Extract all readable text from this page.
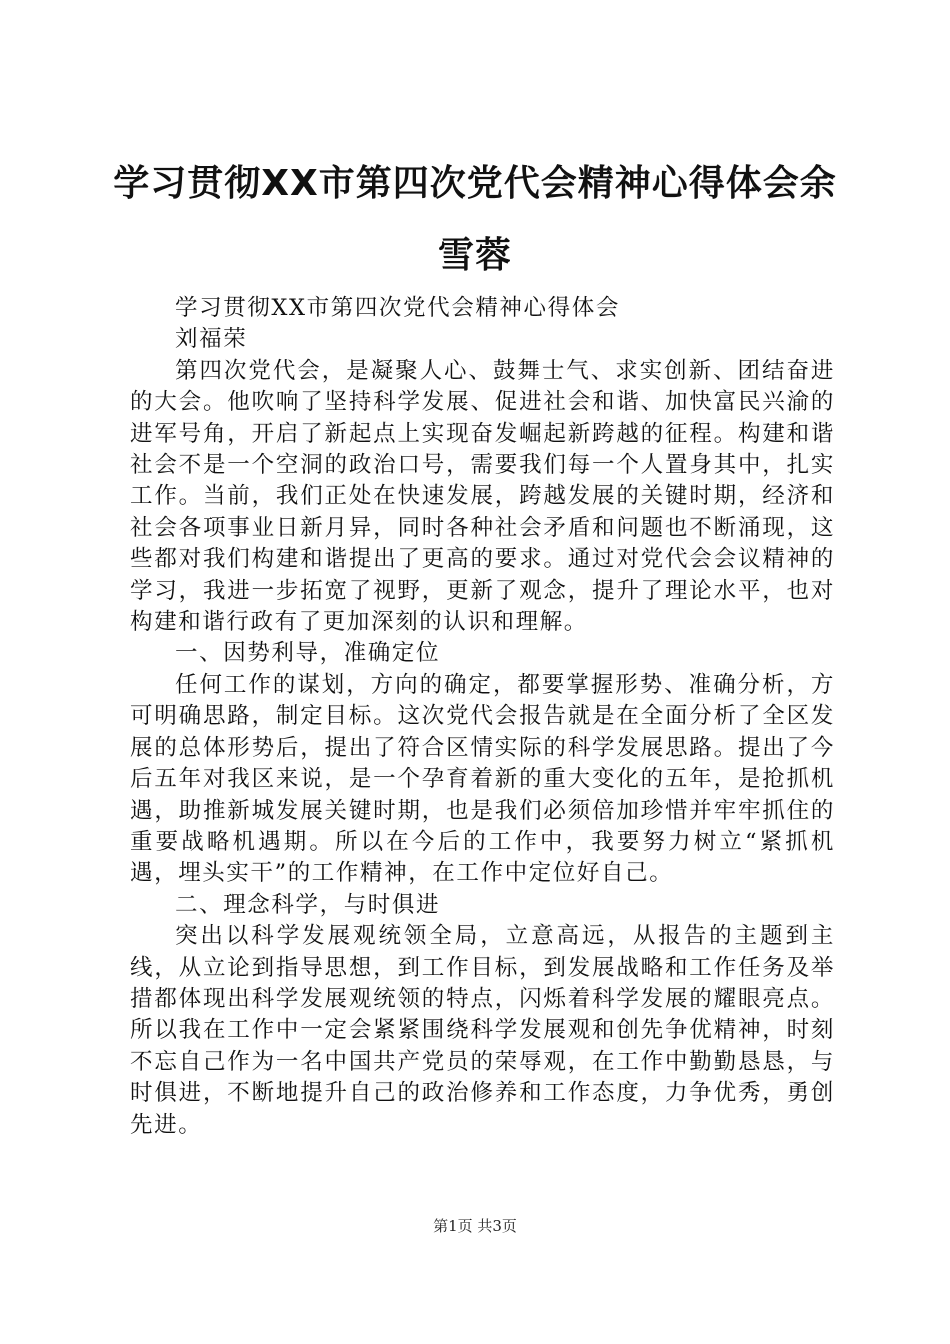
学习贯彻XX市第四次党代会精神心得体会余雪蓉

学习贯彻XX市第四次党代会精神心得体会

刘福荣

第四次党代会，是凝聚人心、鼓舞士气、求实创新、团结奋进的大会。他吹响了坚持科学发展、促进社会和谐、加快富民兴渝的进军号角，开启了新起点上实现奋发崛起新跨越的征程。构建和谐社会不是一个空洞的政治口号，需要我们每一个人置身其中，扎实工作。当前，我们正处在快速发展，跨越发展的关键时期，经济和社会各项事业日新月异，同时各种社会矛盾和问题也不断涌现，这些都对我们构建和谐提出了更高的要求。通过对党代会会议精神的学习，我进一步拓宽了视野，更新了观念，提升了理论水平，也对构建和谐行政有了更加深刻的认识和理解。

一、因势利导，准确定位

任何工作的谋划，方向的确定，都要掌握形势、准确分析，方可明确思路，制定目标。这次党代会报告就是在全面分析了全区发展的总体形势后，提出了符合区情实际的科学发展思路。提出了今后五年对我区来说，是一个孕育着新的重大变化的五年，是抢抓机遇，助推新城发展关键时期，也是我们必须倍加珍惜并牢牢抓住的重要战略机遇期。所以在今后的工作中，我要努力树立“紧抓机遇，埋头实干”的工作精神，在工作中定位好自己。

二、理念科学，与时俱进

突出以科学发展观统领全局，立意高远，从报告的主题到主线，从立论到指导思想，到工作目标，到发展战略和工作任务及举措都体现出科学发展观统领的特点，闪烁着科学发展的耀眼亮点。所以我在工作中一定会紧紧围绕科学发展观和创先争优精神，时刻不忘自己作为一名中国共产党员的荣辱观，在工作中勤勤恳恳，与时俱进，不断地提升自己的政治修养和工作态度，力争优秀，勇创先进。

第1页 共3页
